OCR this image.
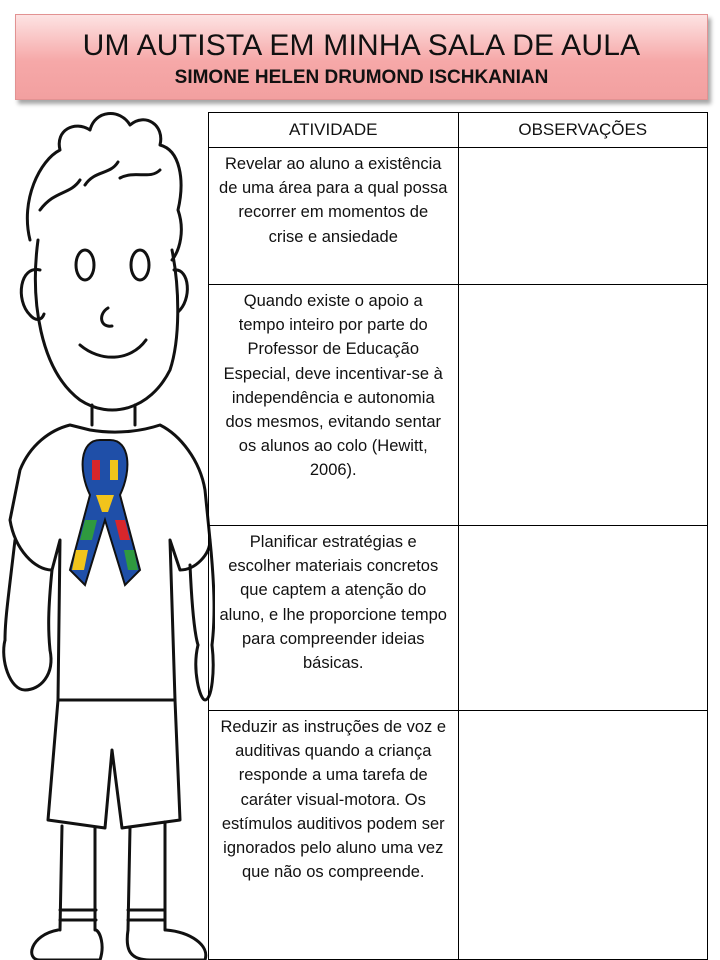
UM AUTISTA EM MINHA SALA DE AULA
SIMONE HELEN DRUMOND ISCHKANIAN
ATIVIDADE	OBSERVAÇÕES
Revelar ao aluno a existência de uma área para a qual possa recorrer em momentos de crise e ansiedade	
Quando existe o apoio a tempo inteiro por parte do Professor de Educação Especial, deve incentivar-se à independência e autonomia dos mesmos, evitando sentar os alunos ao colo (Hewitt, 2006).	
Planificar estratégias e escolher materiais concretos que captem a atenção do aluno, e lhe proporcione tempo para compreender ideias básicas.	
Reduzir as instruções de voz e auditivas quando a criança responde a uma tarefa de caráter visual-motora. Os estímulos auditivos podem ser ignorados pelo aluno uma vez que não os compreende.	
